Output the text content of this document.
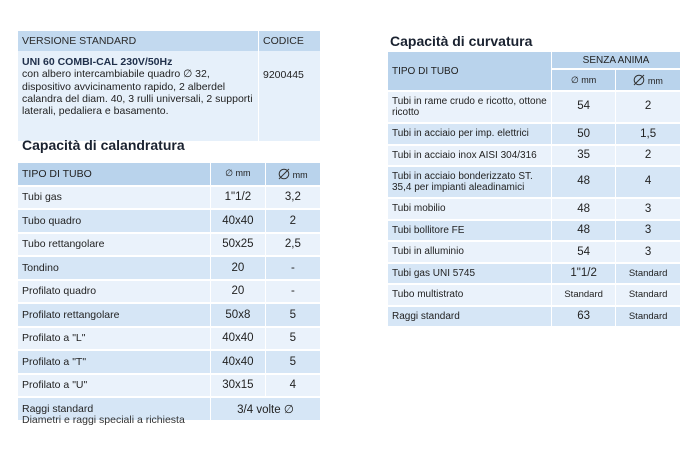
VERSIONE STANDARD	CODICE

UNI 60 COMBI-CAL 230V/50Hz
con albero intercambiabile quadro ∅ 32, dispositivo avvicinamento rapido, 2 alberdel calandra del diam. 40, 3 rulli universali, 2 supporti laterali, pedaliera e basamento.	9200445
Capacità di calandratura
TIPO DI TUBO	∅ mm	mm
Tubi gas	1"1/2	3,2
Tubo quadro	40x40	2
Tubo rettangolare	50x25	2,5
Tondino	20	-
Profilato quadro	20	-
Profilato rettangolare	50x8	5
Profilato a "L"	40x40	5
Profilato a "T"	40x40	5
Profilato a "U"	30x15	4
Raggi standard	3/4 volte ∅	
Diametri e raggi speciali a richiesta
Capacità di curvatura
TIPO DI TUBO	SENZA ANIMA	
	∅ mm	mm
Tubi in rame crudo e ricotto, ottone ricotto	54	2
Tubi in acciaio per imp. elettrici	50	1,5
Tubi in acciaio inox AISI 304/316	35	2
Tubi in acciaio bonderizzato ST. 35,4 per impianti aleadinamici	48	4
Tubi mobilio	48	3
Tubi bollitore FE	48	3
Tubi in alluminio	54	3
Tubi gas UNI 5745	1"1/2	Standard
Tubo multistrato	Standard	Standard
Raggi standard	63	Standard
